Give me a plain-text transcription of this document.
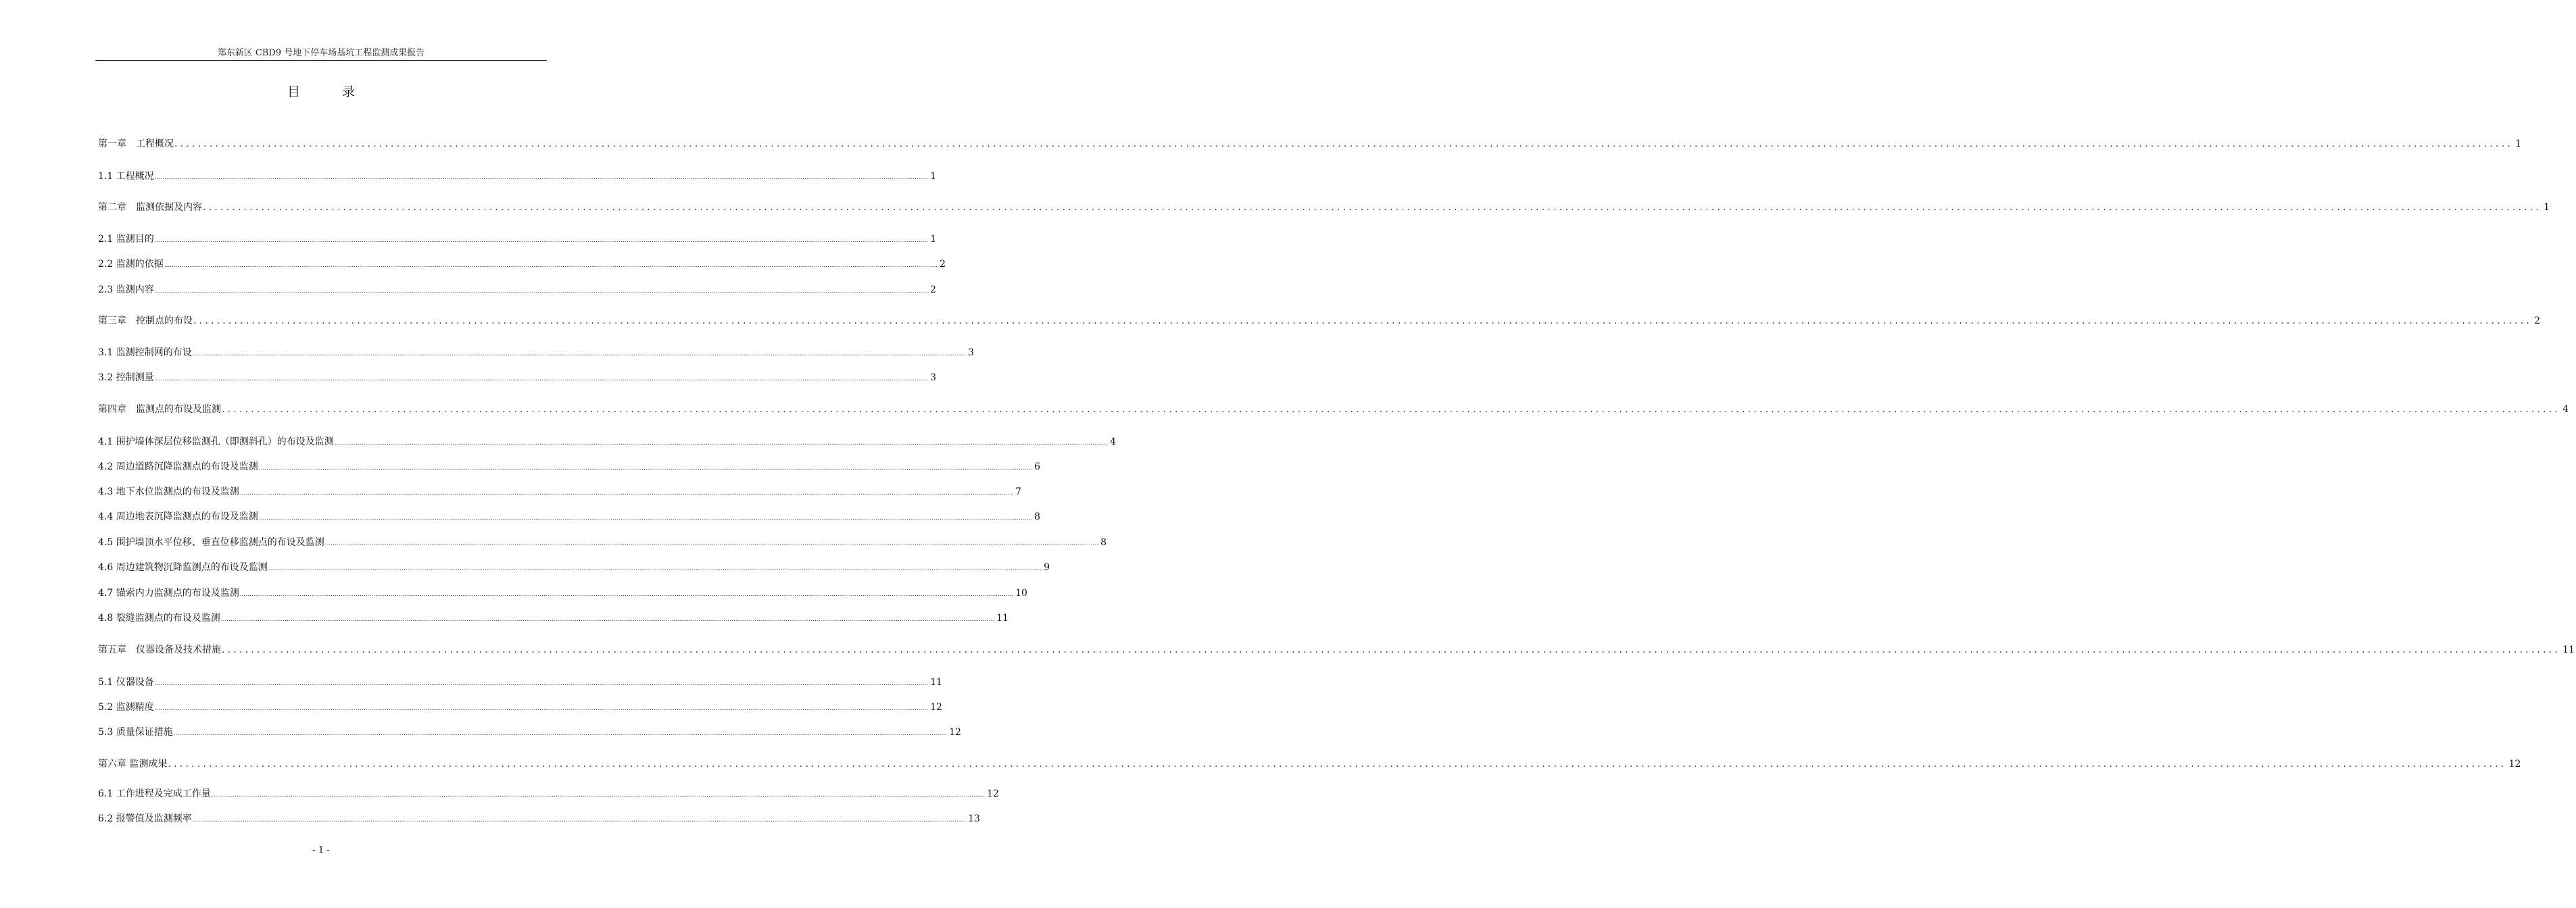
郑东新区 CBD9 号地下停车场基坑工程监测成果报告
目录
第一章　工程概况 ................................................................................................................................................................................................................................................................................................................................................................................................................ 1
1.1 工程概况 ................................................................................................................................................................................................................................................................................................................................................................................................................ 1
第二章　监测依据及内容 ................................................................................................................................................................................................................................................................................................................................................................................................................ 1
2.1 监测目的 ................................................................................................................................................................................................................................................................................................................................................................................................................ 1
2.2 监测的依据 ................................................................................................................................................................................................................................................................................................................................................................................................................ 2
2.3 监测内容 ................................................................................................................................................................................................................................................................................................................................................................................................................ 2
第三章　控制点的布设 ................................................................................................................................................................................................................................................................................................................................................................................................................ 2
3.1 监测控制网的布设 ................................................................................................................................................................................................................................................................................................................................................................................................................ 3
3.2 控制测量 ................................................................................................................................................................................................................................................................................................................................................................................................................ 3
第四章　监测点的布设及监测 ................................................................................................................................................................................................................................................................................................................................................................................................................ 4
4.1 围护墙体深层位移监测孔（即测斜孔）的布设及监测 ................................................................................................................................................................................................................................................................................................................................................................................................................ 4
4.2 周边道路沉降监测点的布设及监测 ................................................................................................................................................................................................................................................................................................................................................................................................................ 6
4.3 地下水位监测点的布设及监测 ................................................................................................................................................................................................................................................................................................................................................................................................................ 7
4.4 周边地表沉降监测点的布设及监测 ................................................................................................................................................................................................................................................................................................................................................................................................................ 8
4.5 围护墙顶水平位移、垂直位移监测点的布设及监测 ................................................................................................................................................................................................................................................................................................................................................................................................................ 8
4.6 周边建筑物沉降监测点的布设及监测 ................................................................................................................................................................................................................................................................................................................................................................................................................ 9
4.7 锚索内力监测点的布设及监测 ................................................................................................................................................................................................................................................................................................................................................................................................................ 10
4.8 裂缝监测点的布设及监测 ................................................................................................................................................................................................................................................................................................................................................................................................................ 11
第五章　仪器设备及技术措施 ................................................................................................................................................................................................................................................................................................................................................................................................................ 11
5.1 仪器设备 ................................................................................................................................................................................................................................................................................................................................................................................................................ 11
5.2 监测精度 ................................................................................................................................................................................................................................................................................................................................................................................................................ 12
5.3 质量保证措施 ................................................................................................................................................................................................................................................................................................................................................................................................................ 12
第六章 监测成果 ................................................................................................................................................................................................................................................................................................................................................................................................................ 12
6.1 工作进程及完成工作量 ................................................................................................................................................................................................................................................................................................................................................................................................................ 12
6.2 报警值及监测频率 ................................................................................................................................................................................................................................................................................................................................................................................................................ 13
- 1 -
